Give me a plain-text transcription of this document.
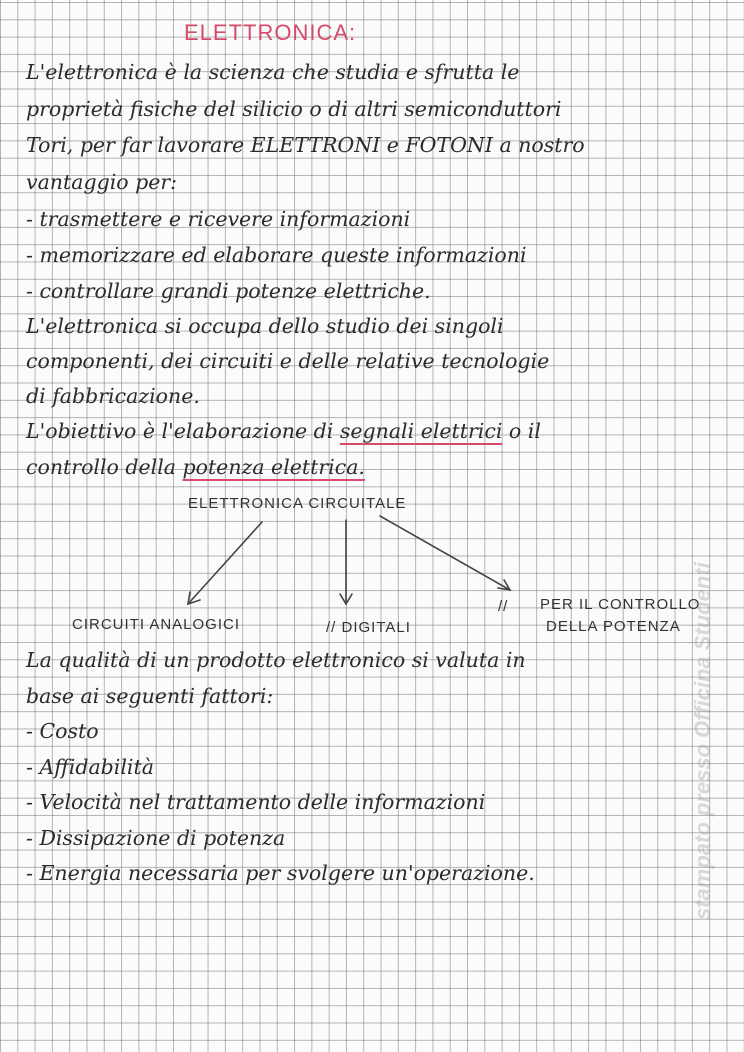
ELETTRONICA:
L'elettronica è la scienza che studia e sfrutta le
proprietà fisiche del silicio o di altri semiconduttori
Tori, per far lavorare ELETTRONI e FOTONI a nostro
vantaggio per:
- trasmettere e ricevere informazioni
- memorizzare ed elaborare queste informazioni
- controllare grandi potenze elettriche.
L'elettronica si occupa dello studio dei singoli
componenti, dei circuiti e delle relative tecnologie
di fabbricazione.
L'obiettivo è l'elaborazione di segnali elettrici o il
controllo della potenza elettrica.
ELETTRONICA CIRCUITALE
CIRCUITI ANALOGICI	// DIGITALI
// PER IL CONTROLLO
DELLA POTENZA
La qualità di un prodotto elettronico si valuta in
base ai seguenti fattori:
- Costo
- Affidabilità
- Velocità nel trattamento delle informazioni
- Dissipazione di potenza
- Energia necessaria per svolgere un'operazione.	stampato presso Officina Studenti
